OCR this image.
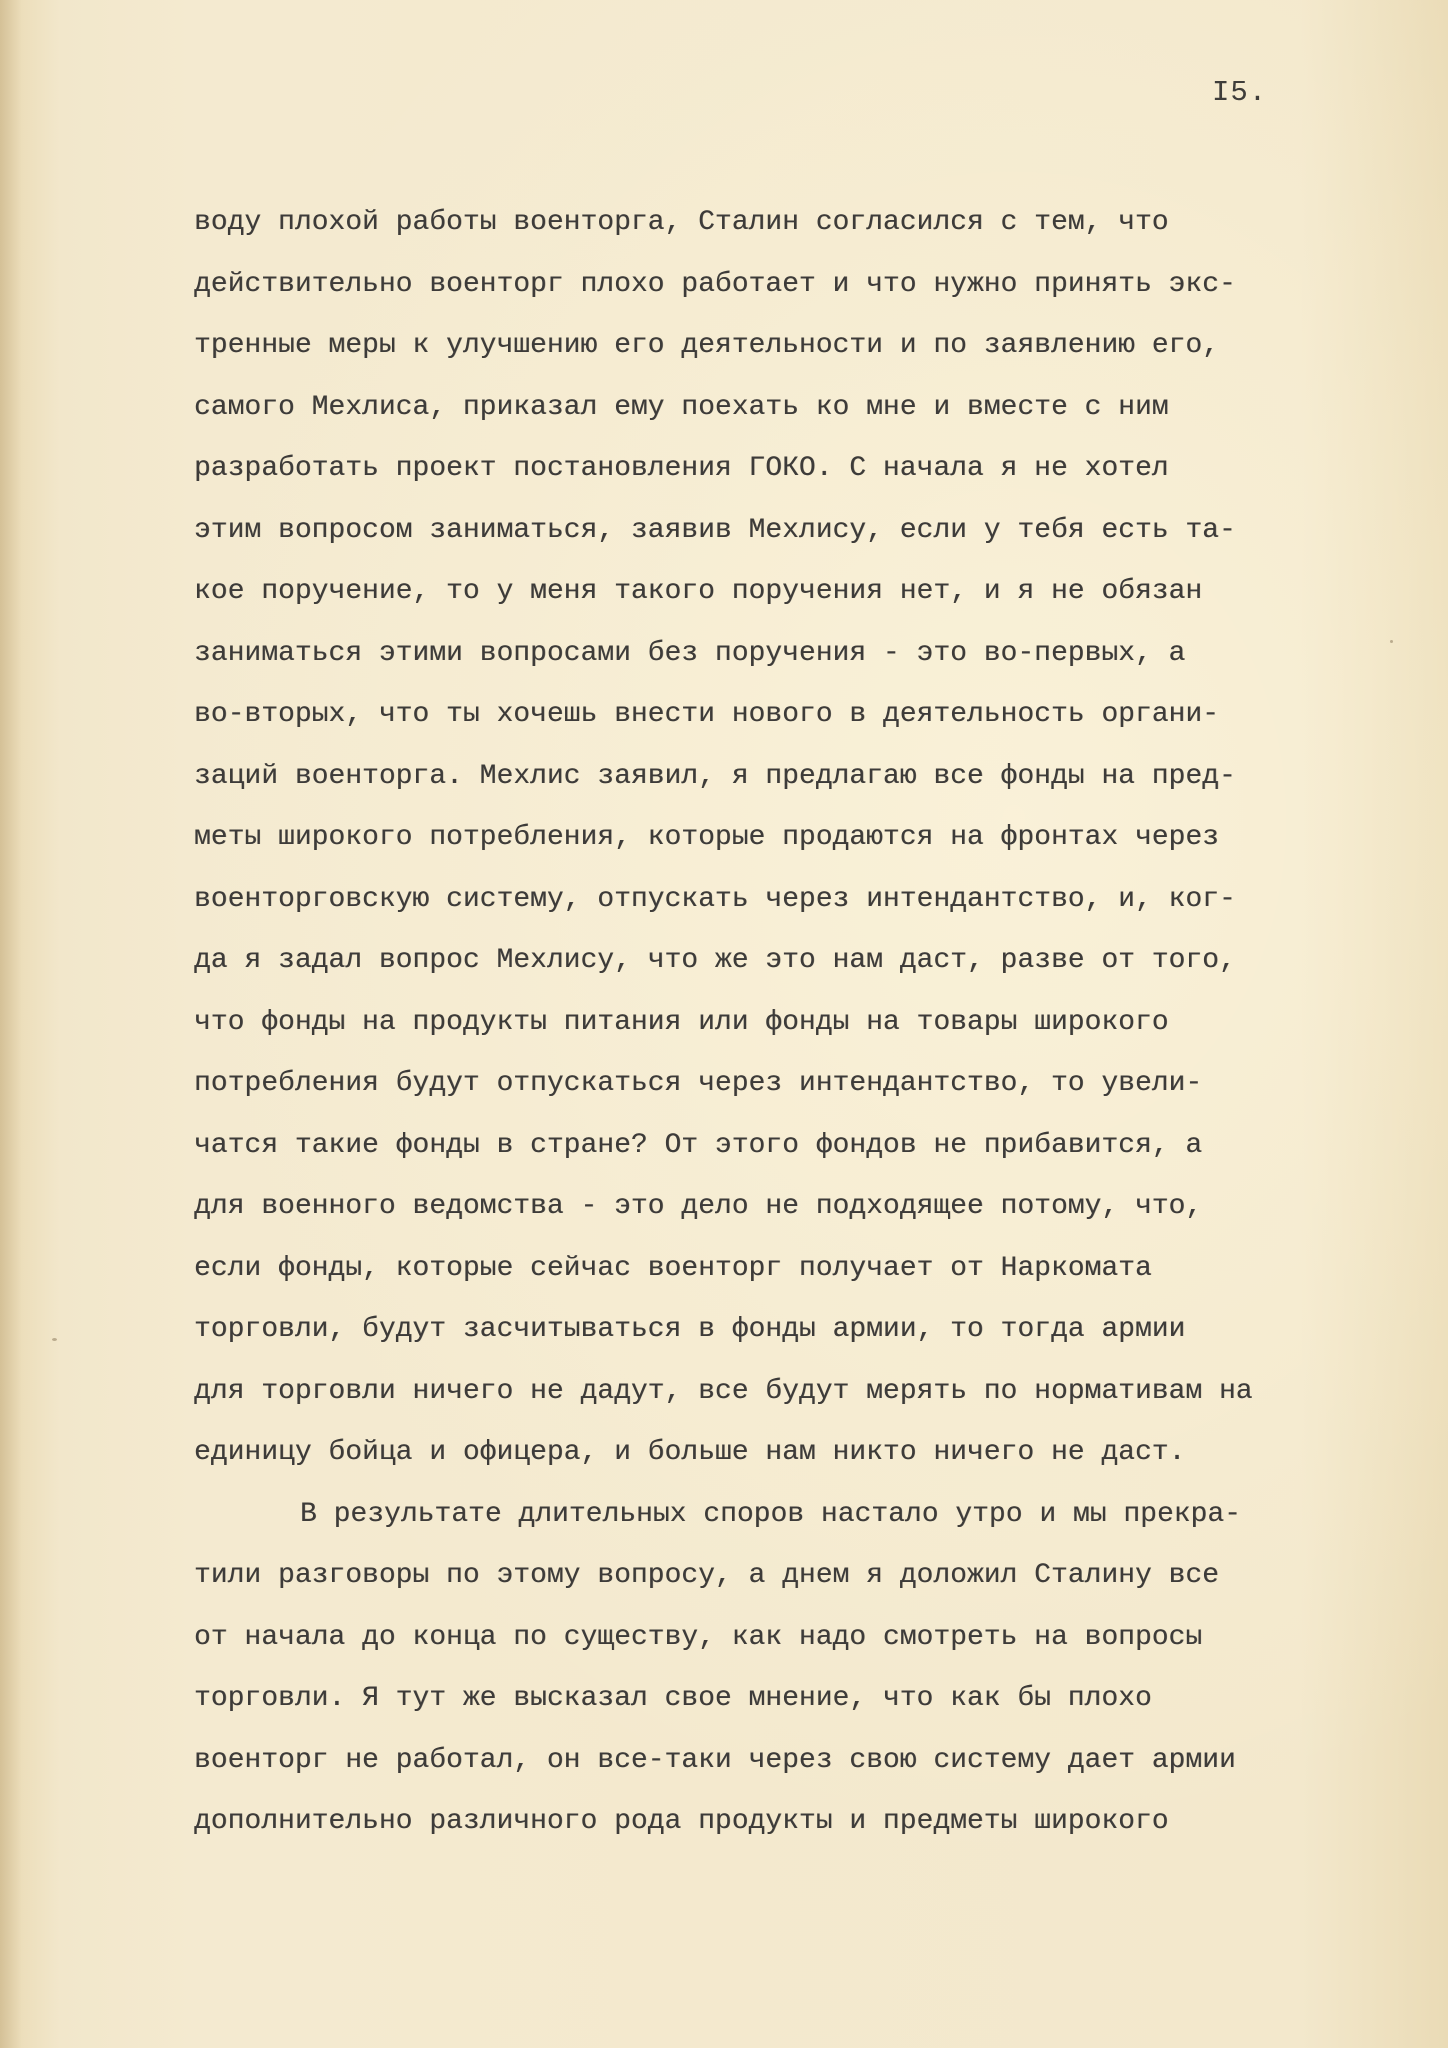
I5.
воду плохой работы военторга, Сталин согласился с тем, что
действительно военторг плохо работает и что нужно принять экс-
тренные меры к улучшению его деятельности и по заявлению его,
самого Мехлиса, приказал ему поехать ко мне и вместе с ним
разработать проект постановления ГОКО. С начала я не хотел
этим вопросом заниматься, заявив Мехлису, если у тебя есть та-
кое поручение, то у меня такого поручения нет, и я не обязан
заниматься этими вопросами без поручения - это во-первых, а
во-вторых, что ты хочешь внести нового в деятельность органи-
заций военторга. Мехлис заявил, я предлагаю все фонды на пред-
меты широкого потребления, которые продаются на фронтах через
военторговскую систему, отпускать через интендантство, и, ког-
да я задал вопрос Мехлису, что же это нам даст, разве от того,
что фонды на продукты питания или фонды на товары широкого
потребления будут отпускаться через интендантство, то увели-
чатся такие фонды в стране? От этого фондов не прибавится, а
для военного ведомства - это дело не подходящее потому, что,
если фонды, которые сейчас военторг получает от Наркомата
торговли, будут засчитываться в фонды армии, то тогда армии
для торговли ничего не дадут, все будут мерять по нормативам на
единицу бойца и офицера, и больше нам никто ничего не даст.
В результате длительных споров настало утро и мы прекра-
тили разговоры по этому вопросу, а днем я доложил Сталину все
от начала до конца по существу, как надо смотреть на вопросы
торговли. Я тут же высказал свое мнение, что как бы плохо
военторг не работал, он все-таки через свою систему дает армии
дополнительно различного рода продукты и предметы широкого
